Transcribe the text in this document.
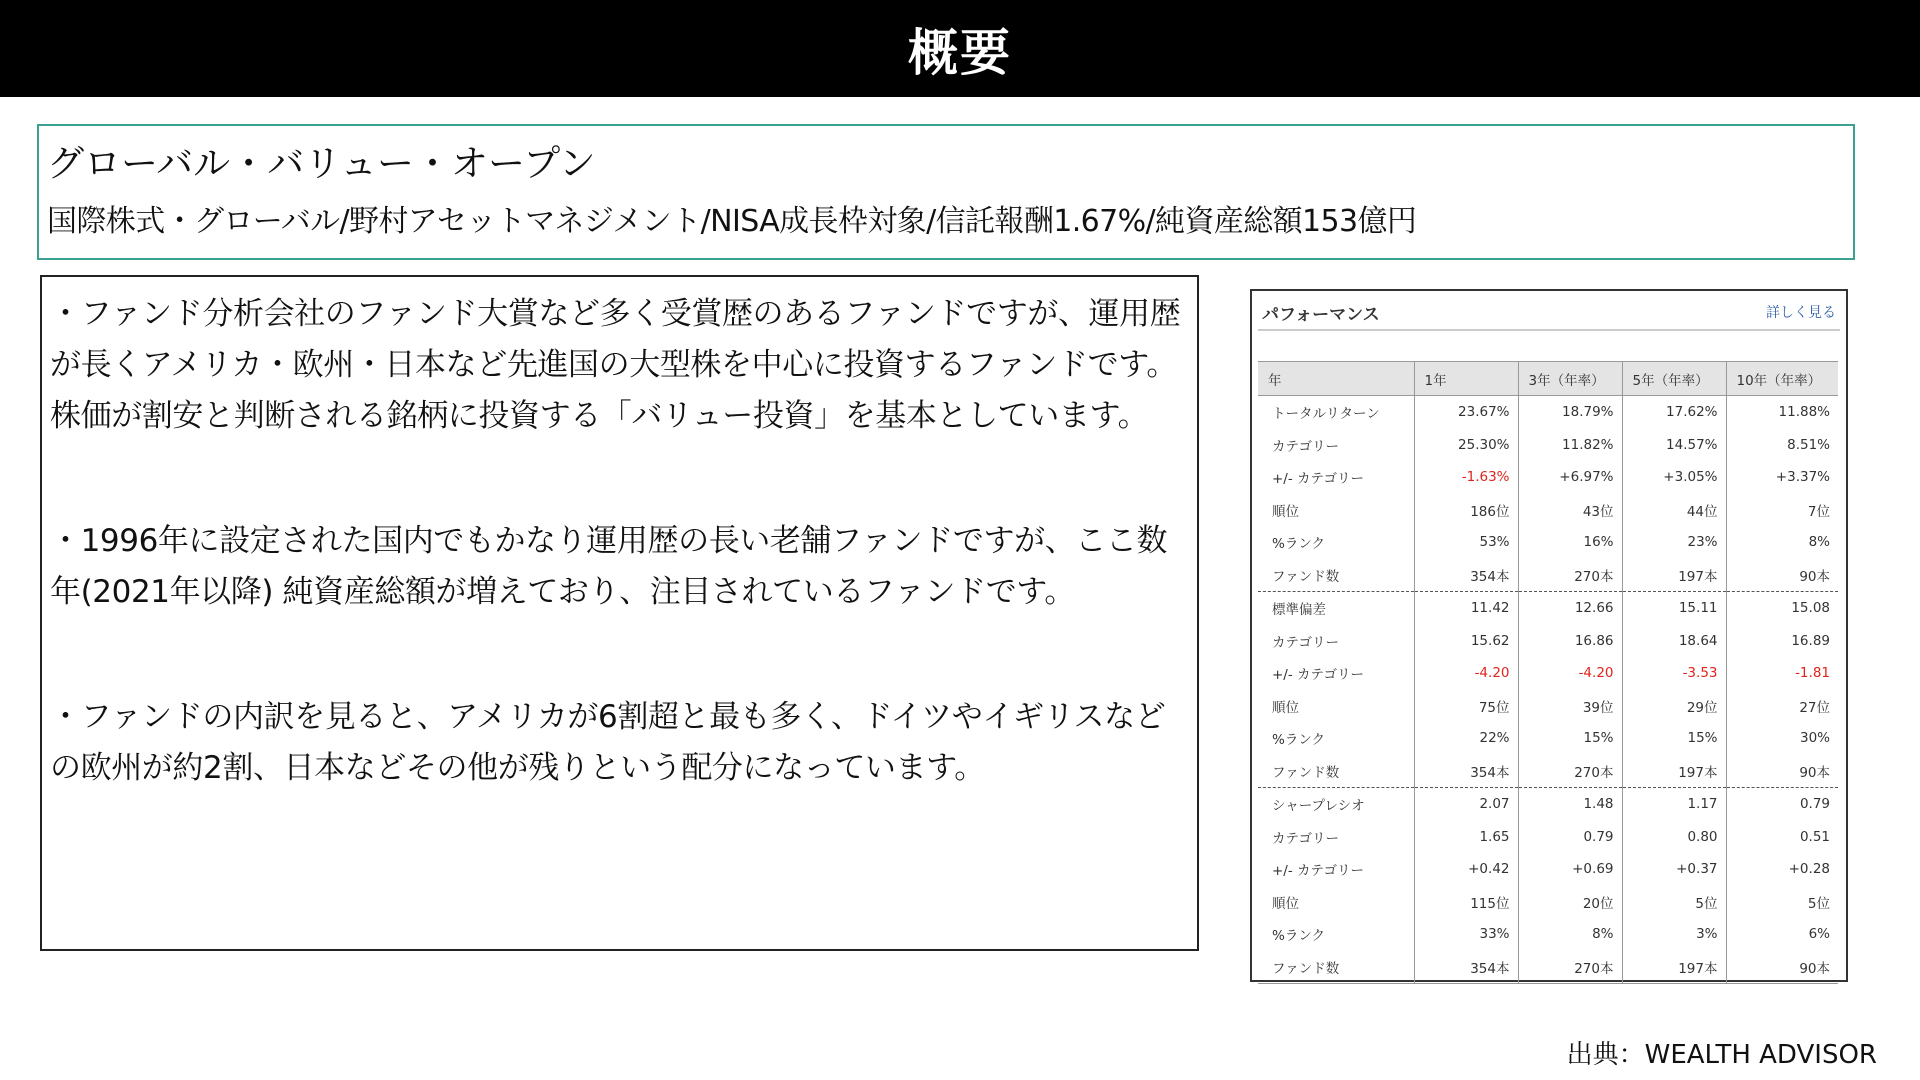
概要
グローバル・バリュー・オープン
国際株式・グローバル/野村アセットマネジメント/NISA成長枠対象/信託報酬1.67%/純資産総額153億円

・ファンド分析会社のファンド大賞など多く受賞歴のあるファンドですが、運用歴が長くアメリカ・欧州・日本など先進国の大型株を中心に投資するファンドです。 株価が割安と判断される銘柄に投資する「バリュー投資」を基本としています。

・1996年に設定された国内でもかなり運用歴の長い老舗ファンドですが、ここ数年(2021年以降) 純資産総額が増えており、注目されているファンドです。

・ファンドの内訳を見ると、アメリカが6割超と最も多く、ドイツやイギリスなどの欧州が約2割、日本などその他が残りという配分になっています。

パフォーマンス	詳しく見る
年	1年	3年（年率）	5年（年率）	10年（年率）
トータルリターン	23.67%	18.79%	17.62%	11.88%
カテゴリー	25.30%	11.82%	14.57%	8.51%
+/- カテゴリー	-1.63%	+6.97%	+3.05%	+3.37%
順位	186位	43位	44位	7位
%ランク	53%	16%	23%	8%
ファンド数	354本	270本	197本	90本
標準偏差	11.42	12.66	15.11	15.08
カテゴリー	15.62	16.86	18.64	16.89
+/- カテゴリー	-4.20	-4.20	-3.53	-1.81
順位	75位	39位	29位	27位
%ランク	22%	15%	15%	30%
ファンド数	354本	270本	197本	90本
シャープレシオ	2.07	1.48	1.17	0.79
カテゴリー	1.65	0.79	0.80	0.51
+/- カテゴリー	+0.42	+0.69	+0.37	+0.28
順位	115位	20位	5位	5位
%ランク	33%	8%	3%	6%
ファンド数	354本	270本	197本	90本
出典：WEALTH ADVISOR
